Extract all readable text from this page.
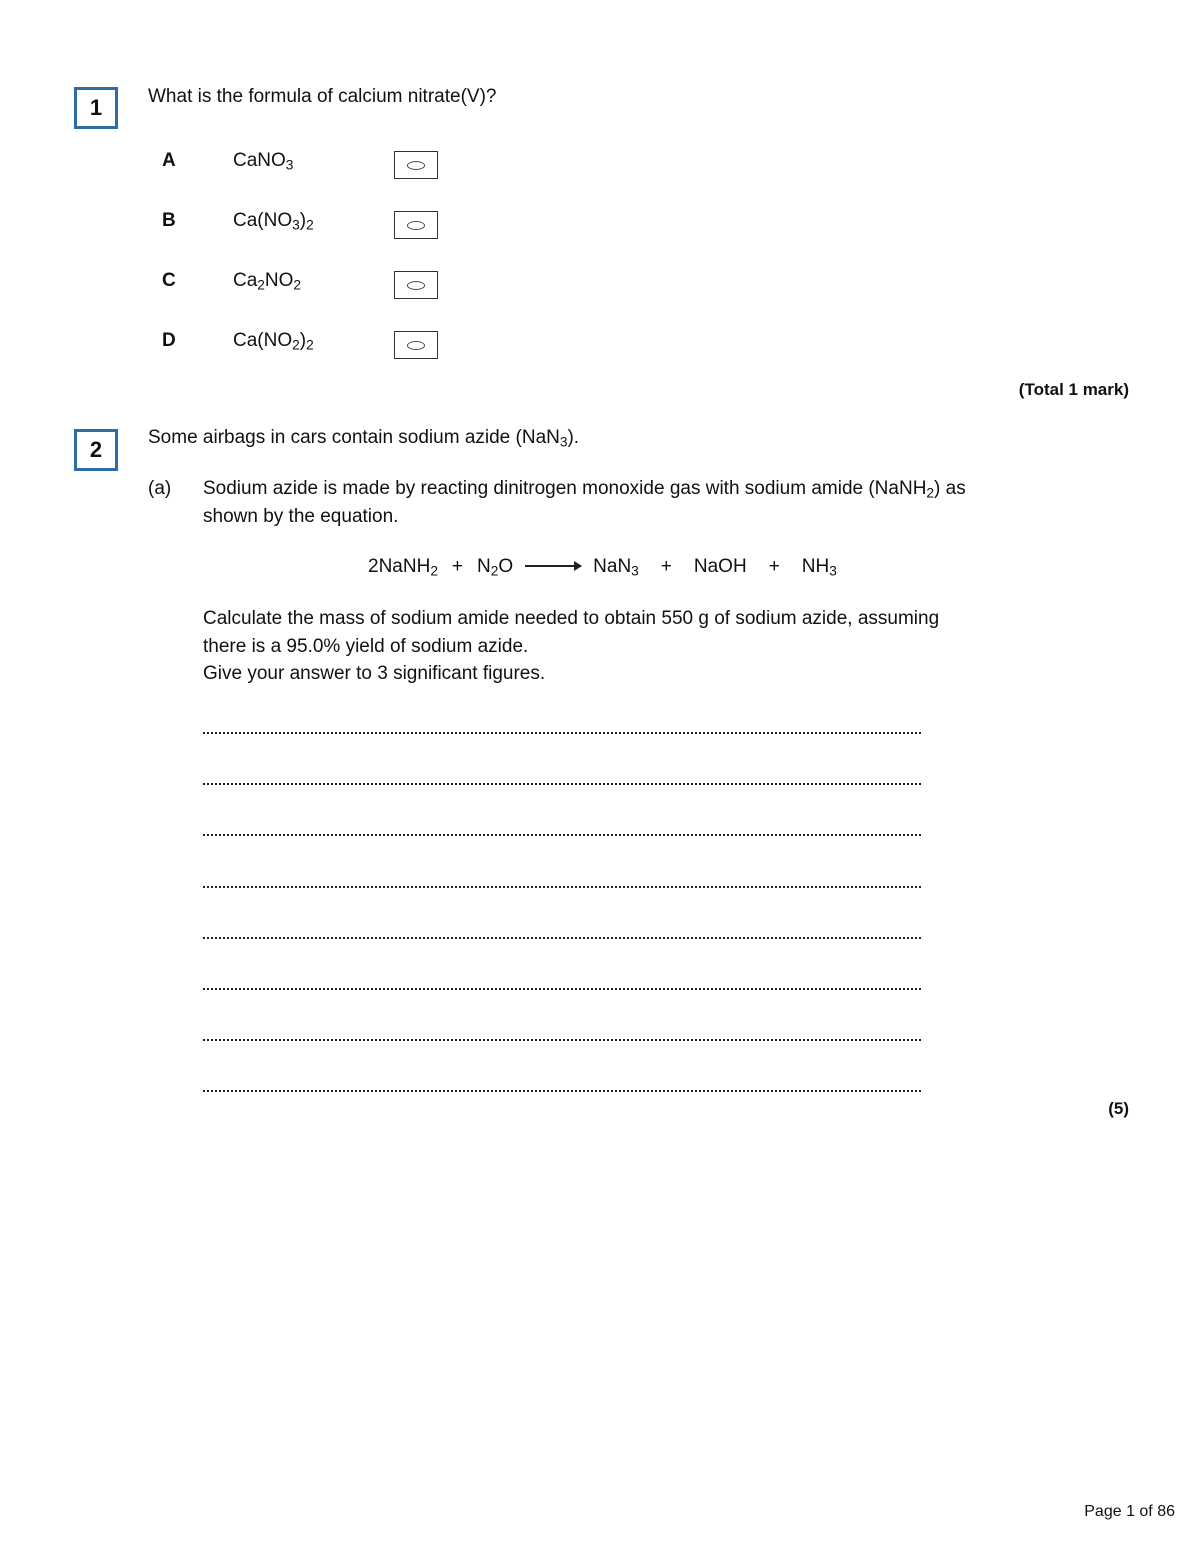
1	What is the formula of calcium nitrate(V)?
A	CaNO$_3$
B	$Ca(NO_3)_2$
C	$Ca_2NO_2$
D	$Ca(NO_2)_2$
(Total 1 mark)
2	Some airbags in cars contain sodium azide (NaN$_3$).
(a) Sodium azide is made by reacting dinitrogen monoxide gas with sodium amide (NaNH$_2$) as
shown by the equation.
2NaNH$_2$ + $N_2O \to NaN_3$ + NaOH + $NH_3$
Calculate the mass of sodium amide needed to obtain 550 g of sodium azide, assuming
there is a 95.0% yield of sodium azide.
Give your answer to 3 significant figures.
(5)
Page 1 of 86
